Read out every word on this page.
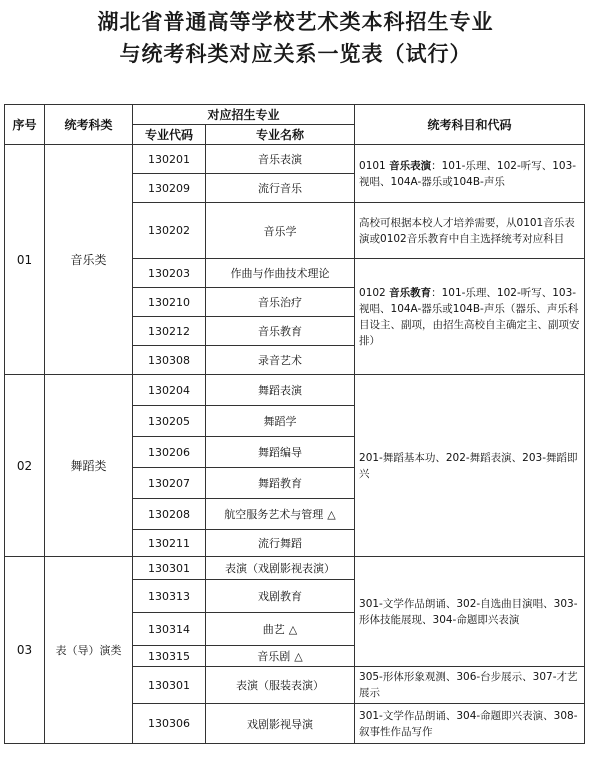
湖北省普通高等学校艺术类本科招生专业
与统考科类对应关系一览表（试行）
序号	统考科类	对应招生专业		统考科目和代码
		专业代码	专业名称	
01	音乐类	130201	音乐表演	0101 音乐表演：101-乐理、102-听写、103-视唱、104A-器乐或104B-声乐
		130209	流行音乐	
		130202	音乐学	高校可根据本校人才培养需要，从0101音乐表演或0102音乐教育中自主选择统考对应科目
		130203	作曲与作曲技术理论	0102 音乐教育：101-乐理、102-听写、103-视唱、104A-器乐或104B-声乐（器乐、声乐科目设主、副项，由招生高校自主确定主、副项安排）
		130210	音乐治疗	
		130212	音乐教育	
		130308	录音艺术	
02	舞蹈类	130204	舞蹈表演	201-舞蹈基本功、202-舞蹈表演、203-舞蹈即兴
		130205	舞蹈学	
		130206	舞蹈编导	
		130207	舞蹈教育	
		130208	航空服务艺术与管理 △	
		130211	流行舞蹈	
03	表（导）演类	130301	表演（戏剧影视表演）	301-文学作品朗诵、302-自选曲目演唱、303-形体技能展现、304-命题即兴表演
		130313	戏剧教育	
		130314	曲艺 △	
		130315	音乐剧 △	
		130301	表演（服装表演）	305-形体形象观测、306-台步展示、307-才艺展示
		130306	戏剧影视导演	301-文学作品朗诵、304-命题即兴表演、308-叙事性作品写作
